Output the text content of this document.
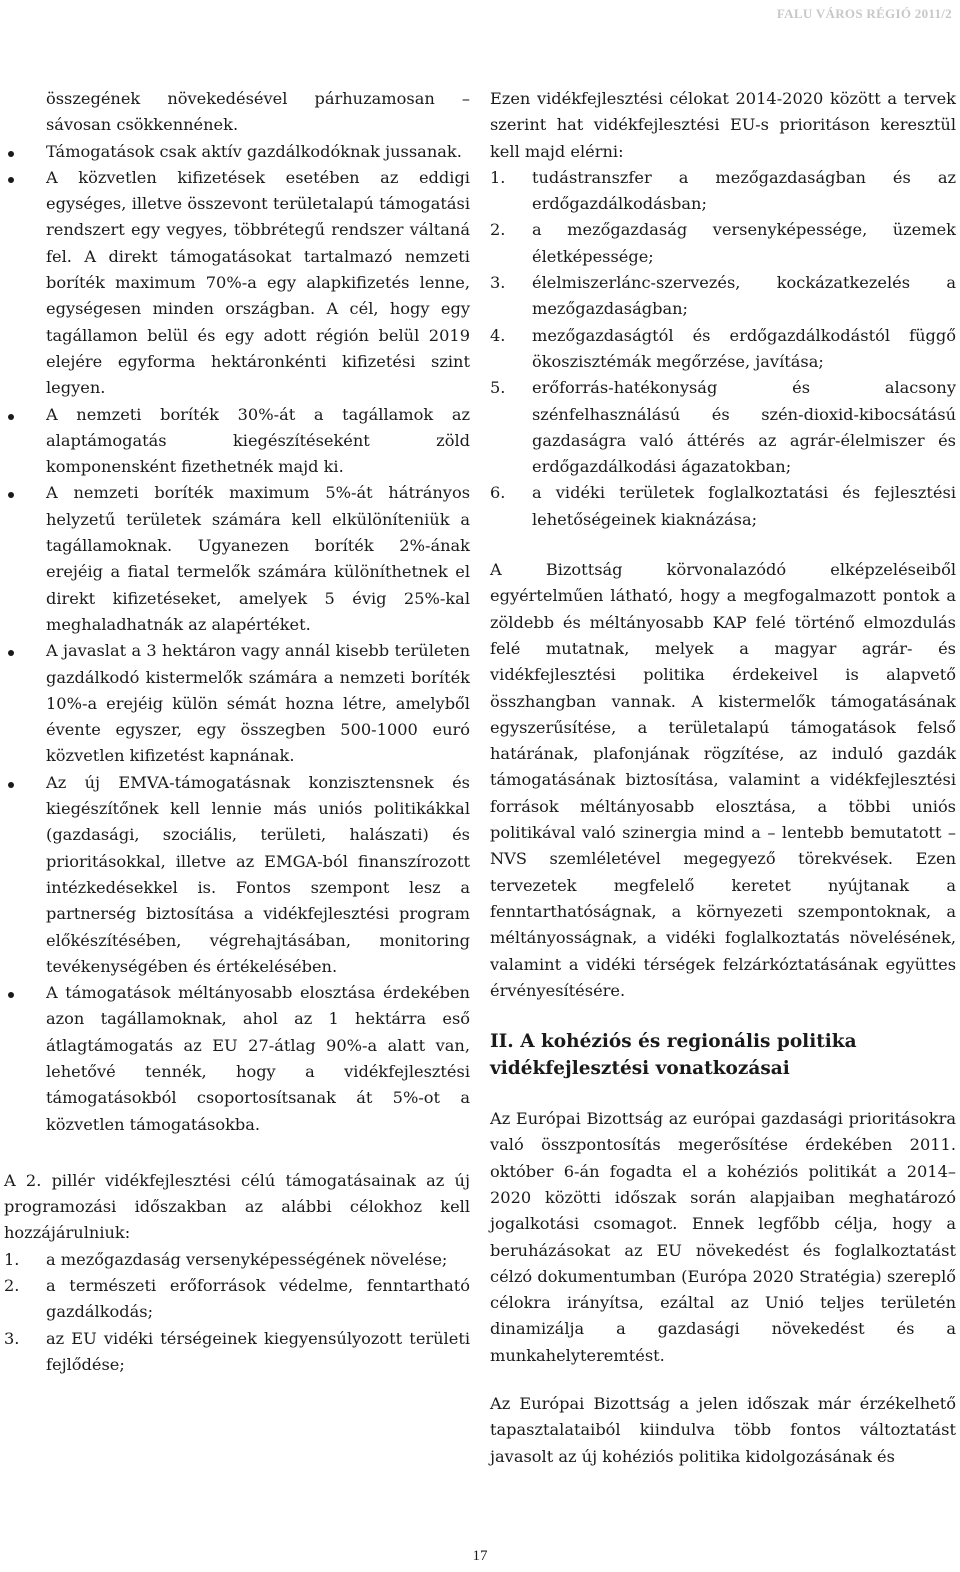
FALU VÁROS RÉGIÓ 2011/2
összegének növekedésével párhuzamosan – sávosan csökkennének.
Támogatások csak aktív gazdálkodóknak jussanak.
A közvetlen kifizetések esetében az eddigi egységes, illetve összevont területalapú támogatási rendszert egy vegyes, többrétegű rendszer váltaná fel. A direkt támogatásokat tartalmazó nemzeti boríték maximum 70%-a egy alapkifizetés lenne, egységesen minden országban. A cél, hogy egy tagállamon belül és egy adott régión belül 2019 elejére egyforma hektáronkénti kifizetési szint legyen.
A nemzeti boríték 30%-át a tagállamok az alaptámogatás kiegészítéseként zöld komponensként fizethetnék majd ki.
A nemzeti boríték maximum 5%-át hátrányos helyzetű területek számára kell elkülöníteniük a tagállamoknak. Ugyanezen boríték 2%-ának erejéig a fiatal termelők számára különíthetnek el direkt kifizetéseket, amelyek 5 évig 25%-kal meghaladhatnák az alapértéket.
A javaslat a 3 hektáron vagy annál kisebb területen gazdálkodó kistermelők számára a nemzeti boríték 10%-a erejéig külön sémát hozna létre, amelyből évente egyszer, egy összegben 500-1000 euró közvetlen kifizetést kapnának.
Az új EMVA-támogatásnak konzisztensnek és kiegészítőnek kell lennie más uniós politikákkal (gazdasági, szociális, területi, halászati) és prioritásokkal, illetve az EMGA-ból finanszírozott intézkedésekkel is. Fontos szempont lesz a partnerség biztosítása a vidékfejlesztési program előkészítésében, végrehajtásában, monitoring tevékenységében és értékelésében.
A támogatások méltányosabb elosztása érdekében azon tagállamoknak, ahol az 1 hektárra eső átlagtámogatás az EU 27-átlag 90%-a alatt van, lehetővé tennék, hogy a vidékfejlesztési támogatásokból csoportosítsanak át 5%-ot a közvetlen támogatásokba.

A 2. pillér vidékfejlesztési célú támogatásainak az új programozási időszakban az alábbi célokhoz kell hozzájárulniuk:

1. a mezőgazdaság versenyképességének növelése;
2. a természeti erőforrások védelme, fenntartható gazdálkodás;
3. az EU vidéki térségeinek kiegyensúlyozott területi fejlődése;

Ezen vidékfejlesztési célokat 2014-2020 között a tervek szerint hat vidékfejlesztési EU-s prioritáson keresztül kell majd elérni:

1. tudástranszfer a mezőgazdaságban és az erdőgazdálkodásban;
2. a mezőgazdaság versenyképessége, üzemek életképessége;
3. élelmiszerlánc-szervezés, kockázatkezelés a mezőgazdaságban;
4. mezőgazdaságtól és erdőgazdálkodástól függő ökoszisztémák megőrzése, javítása;
5. erőforrás-hatékonyság és alacsony szénfelhasználású és szén-dioxid-kibocsátású gazdaságra való áttérés az agrár-élelmiszer és erdőgazdálkodási ágazatokban;
6. a vidéki területek foglalkoztatási és fejlesztési lehetőségeinek kiaknázása;

A Bizottság körvonalazódó elképzeléseiből egyértelműen látható, hogy a megfogalmazott pontok a zöldebb és méltányosabb KAP felé történő elmozdulás felé mutatnak, melyek a magyar agrár- és vidékfejlesztési politika érdekeivel is alapvető összhangban vannak. A kistermelők támogatásának egyszerűsítése, a területalapú támogatások felső határának, plafonjának rögzítése, az induló gazdák támogatásának biztosítása, valamint a vidékfejlesztési források méltányosabb elosztása, a többi uniós politikával való szinergia mind a – lentebb bemutatott – NVS szemléletével megegyező törekvések. Ezen tervezetek megfelelő keretet nyújtanak a fenntarthatóságnak, a környezeti szempontoknak, a méltányosságnak, a vidéki foglalkoztatás növelésének, valamint a vidéki térségek felzárkóztatásának együttes érvényesítésére.

II. A kohéziós és regionális politika vidékfejlesztési vonatkozásai

Az Európai Bizottság az európai gazdasági prioritásokra való összpontosítás megerősítése érdekében 2011. október 6-án fogadta el a kohéziós politikát a 2014–2020 közötti időszak során alapjaiban meghatározó jogalkotási csomagot. Ennek legfőbb célja, hogy a beruházásokat az EU növekedést és foglalkoztatást célzó dokumentumban (Európa 2020 Stratégia) szereplő célokra irányítsa, ezáltal az Unió teljes területén dinamizálja a gazdasági növekedést és a munkahelyteremtést.

Az Európai Bizottság a jelen időszak már érzékelhető tapasztalataiból kiindulva több fontos változtatást javasolt az új kohéziós politika kidolgozásának és

17
